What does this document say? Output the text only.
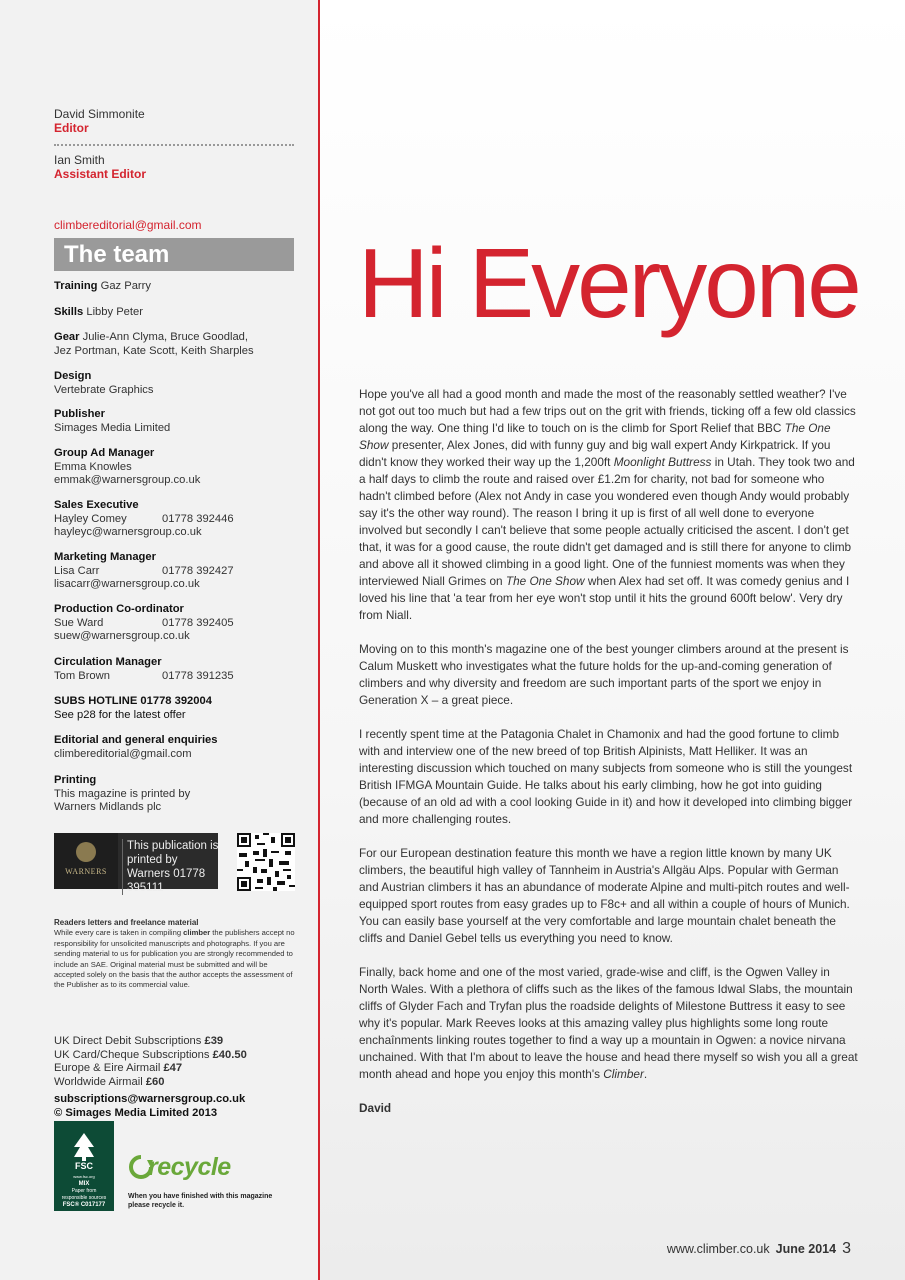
David Simmonite
Editor
Ian Smith
Assistant Editor
climbereditorial@gmail.com
The team
Training Gaz Parry
Skills Libby Peter
Gear Julie-Ann Clyma, Bruce Goodlad,
Jez Portman, Kate Scott, Keith Sharples
Design
Vertebrate Graphics
Publisher
Simages Media Limited
Group Ad Manager
Emma Knowles
emmak@warnersgroup.co.uk
Sales Executive
Hayley Comey	01778 392446
hayleyc@warnersgroup.co.uk
Marketing Manager
Lisa Carr	01778 392427
lisacarr@warnersgroup.co.uk
Production Co-ordinator
Sue Ward	01778 392405
suew@warnersgroup.co.uk
Circulation Manager
Tom Brown	01778 391235
SUBS HOTLINE 01778 392004
See p28 for the latest offer
Editorial and general enquiries
climbereditorial@gmail.com
Printing
This magazine is printed by
Warners Midlands plc
WARNERS
This publication is printed by Warners 01778 395111
Readers letters and freelance material
While every care is taken in compiling climber the publishers accept no responsibility for unsolicited manuscripts and photographs. If you are sending material to us for publication you are strongly recommended to include an SAE. Original material must be submitted and will be accepted solely on the basis that the author accepts the assessment of the Publisher as to its commercial value.
UK Direct Debit Subscriptions £39
UK Card/Cheque Subscriptions £40.50
Europe & Eire Airmail £47
Worldwide Airmail £60
subscriptions@warnersgroup.co.uk
© Simages Media Limited 2013
FSC
www.fsc.org
MIX
Paper from
responsible sources
FSC® C017177
recycle
When you have finished with this magazine
please recycle it.
Hi Everyone

Hope you've all had a good month and made the most of the reasonably settled weather? I've not got out too much but had a few trips out on the grit with friends, ticking off a few old classics along the way. One thing I'd like to touch on is the climb for Sport Relief that BBC The One Show presenter, Alex Jones, did with funny guy and big wall expert Andy Kirkpatrick. If you didn't know they worked their way up the 1,200ft Moonlight Buttress in Utah. They took two and a half days to climb the route and raised over £1.2m for charity, not bad for someone who hadn't climbed before (Alex not Andy in case you wondered even though Andy would probably say it's the other way round). The reason I bring it up is first of all well done to everyone involved but secondly I can't believe that some people actually criticised the ascent. I don't get that, it was for a good cause, the route didn't get damaged and is still there for anyone to climb and above all it showed climbing in a good light. One of the funniest moments was when they interviewed Niall Grimes on The One Show when Alex had set off. It was comedy genius and I loved his line that 'a tear from her eye won't stop until it hits the ground 600ft below'. Very dry from Niall.

Moving on to this month's magazine one of the best younger climbers around at the present is Calum Muskett who investigates what the future holds for the up-and-coming generation of climbers and why diversity and freedom are such important parts of the sport we enjoy in Generation X – a great piece.

I recently spent time at the Patagonia Chalet in Chamonix and had the good fortune to climb with and interview one of the new breed of top British Alpinists, Matt Helliker. It was an interesting discussion which touched on many subjects from someone who is still the youngest British IFMGA Mountain Guide. He talks about his early climbing, how he got into guiding (because of an old ad with a cool looking Guide in it) and how it developed into climbing bigger and more challenging routes.

For our European destination feature this month we have a region little known by many UK climbers, the beautiful high valley of Tannheim in Austria's Allgäu Alps. Popular with German and Austrian climbers it has an abundance of moderate Alpine and multi-pitch routes and well-equipped sport routes from easy grades up to F8c+ and all within a couple of hours of Munich. You can easily base yourself at the very comfortable and large mountain chalet beneath the cliffs and Daniel Gebel tells us everything you need to know.

Finally, back home and one of the most varied, grade-wise and cliff, is the Ogwen Valley in North Wales. With a plethora of cliffs such as the likes of the famous Idwal Slabs, the mountain cliffs of Glyder Fach and Tryfan plus the roadside delights of Milestone Buttress it easy to see why it's popular. Mark Reeves looks at this amazing valley plus highlights some long route enchaînments linking routes together to find a way up a mountain in Ogwen: a novice nirvana unchained. With that I'm about to leave the house and head there myself so wish you all a great month ahead and hope you enjoy this month's Climber.

David

www.climber.co.uk June 2014 3
